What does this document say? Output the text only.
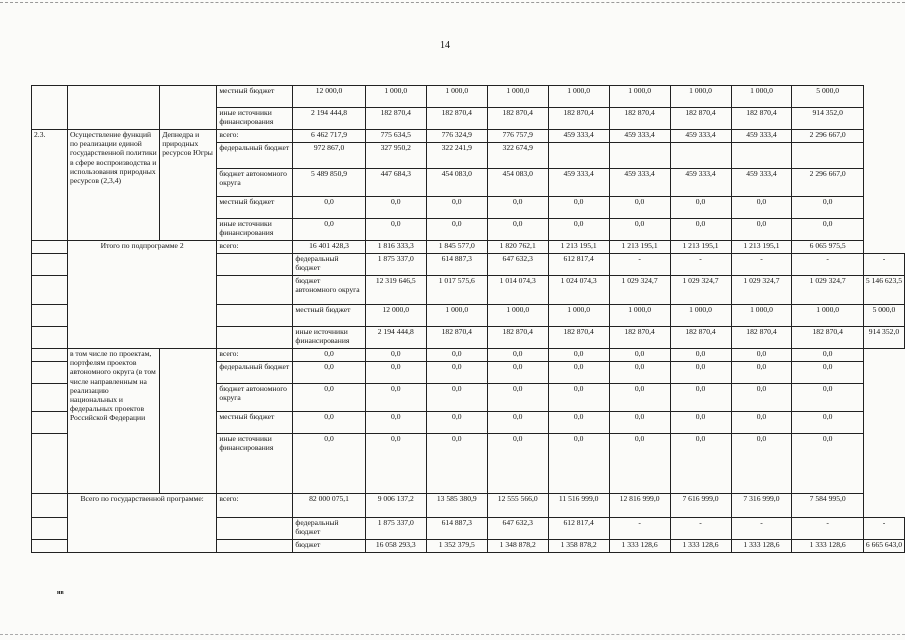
14
			местный бюджет	12 000,0	1 000,0	1 000,0	1 000,0	1 000,0	1 000,0	1 000,0	1 000,0	5 000,0	
			иные источники финансирования	2 194 444,8	182 870,4	182 870,4	182 870,4	182 870,4	182 870,4	182 870,4	182 870,4	914 352,0	
2.3.	Осуществление функций по реализации единой государственной политики в сфере воспроизводства и использования природных ресурсов (2,3,4)	Депнедра и природных ресурсов Югры	всего:	6 462 717,9	775 634,5	776 324,9	776 757,9	459 333,4	459 333,4	459 333,4	459 333,4	2 296 667,0	
			федеральный бюджет	972 867,0	327 950,2	322 241,9	322 674,9						
			бюджет автономного округа	5 489 850,9	447 684,3	454 083,0	454 083,0	459 333,4	459 333,4	459 333,4	459 333,4	2 296 667,0	
			местный бюджет	0,0	0,0	0,0	0,0	0,0	0,0	0,0	0,0	0,0	
			иные источники финансирования	0,0	0,0	0,0	0,0	0,0	0,0	0,0	0,0	0,0	
	Итого по подпрограмме 2		всего:	16 401 428,3	1 816 333,3	1 845 577,0	1 820 762,1	1 213 195,1	1 213 195,1	1 213 195,1	1 213 195,1	6 065 975,5	
				федеральный бюджет	1 875 337,0	614 887,3	647 632,3	612 817,4	-	-	-	-	-
				бюджет автономного округа	12 319 646,5	1 017 575,6	1 014 074,3	1 024 074,3	1 029 324,7	1 029 324,7	1 029 324,7	1 029 324,7	5 146 623,5
				местный бюджет	12 000,0	1 000,0	1 000,0	1 000,0	1 000,0	1 000,0	1 000,0	1 000,0	5 000,0
				иные источники финансирования	2 194 444,8	182 870,4	182 870,4	182 870,4	182 870,4	182 870,4	182 870,4	182 870,4	914 352,0
	в том числе по проектам, портфелям проектов автономного округа (в том числе направленным на реализацию национальных и федеральных проектов Российской Федерации		всего:	0,0	0,0	0,0	0,0	0,0	0,0	0,0	0,0	0,0	
			федеральный бюджет	0,0	0,0	0,0	0,0	0,0	0,0	0,0	0,0	0,0	
			бюджет автономного округа	0,0	0,0	0,0	0,0	0,0	0,0	0,0	0,0	0,0	
			местный бюджет	0,0	0,0	0,0	0,0	0,0	0,0	0,0	0,0	0,0	
			иные источники финансирования	0,0	0,0	0,0	0,0	0,0	0,0	0,0	0,0	0,0	
	Всего по государственной программе:		всего:	82 000 075,1	9 006 137,2	13 585 380,9	12 555 566,0	11 516 999,0	12 816 999,0	7 616 999,0	7 316 999,0	7 584 995,0	
				федеральный бюджет	1 875 337,0	614 887,3	647 632,3	612 817,4	-	-	-	-	-
				бюджет	16 058 293,3	1 352 379,5	1 348 878,2	1 358 878,2	1 333 128,6	1 333 128,6	1 333 128,6	1 333 128,6	6 665 643,0
нв
